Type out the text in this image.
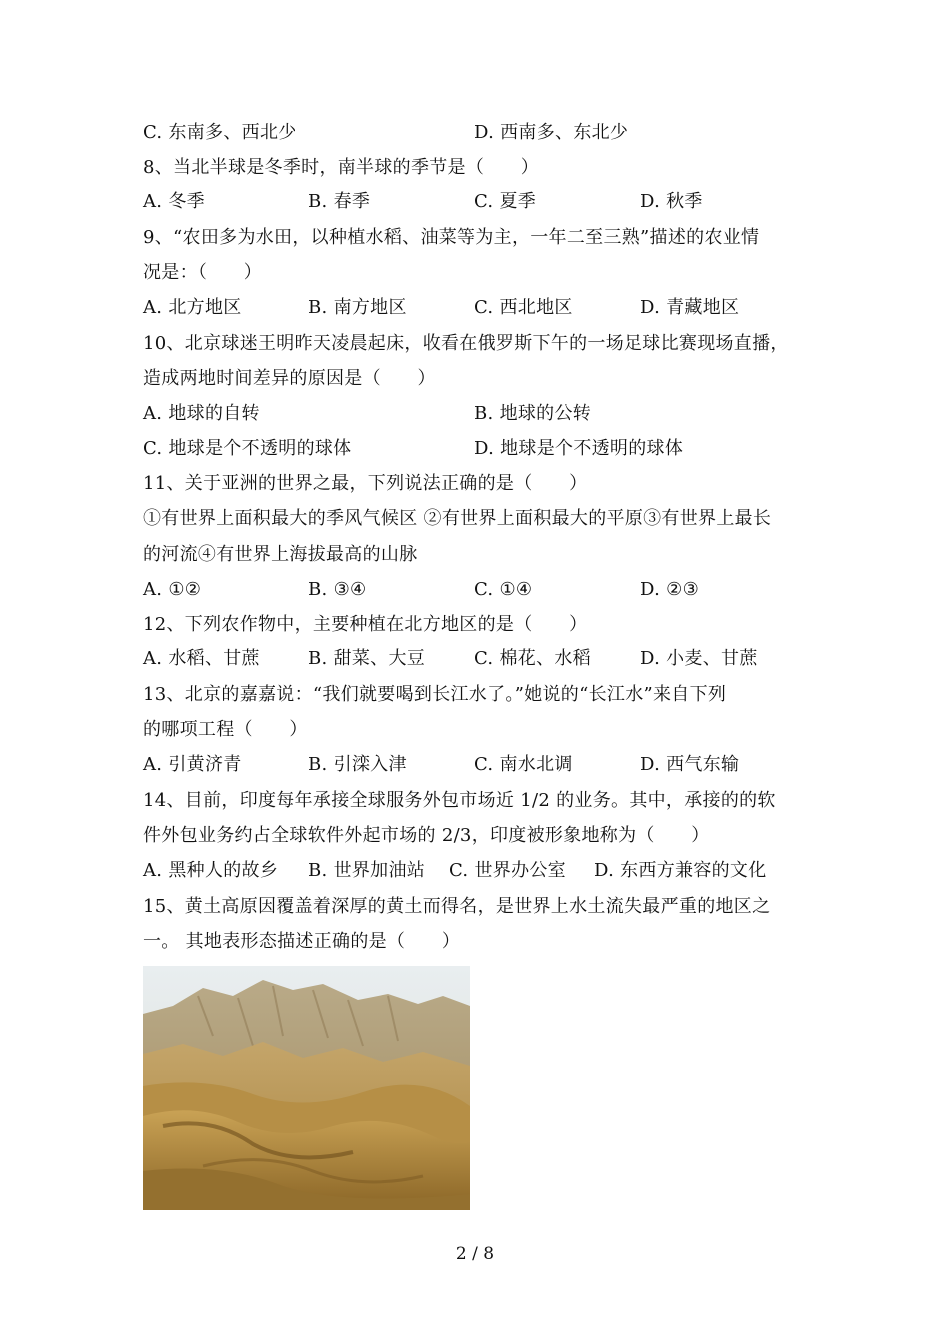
C. 东南多、西北少	D. 西南多、东北少
8、当北半球是冬季时，南半球的季节是（　　）
A. 冬季	B. 春季	C. 夏季	D. 秋季
9、“农田多为水田，以种植水稻、油菜等为主，一年二至三熟”描述的农业情
况是：（　　）
A. 北方地区	B. 南方地区	C. 西北地区	D. 青藏地区
10、北京球迷王明昨天凌晨起床，收看在俄罗斯下午的一场足球比赛现场直播，
造成两地时间差异的原因是（　　）
A. 地球的自转	B. 地球的公转
C. 地球是个不透明的球体	D. 地球是个不透明的球体
11、关于亚洲的世界之最，下列说法正确的是（　　）
①有世界上面积最大的季风气候区 ②有世界上面积最大的平原③有世界上最长
的河流④有世界上海拔最高的山脉
A. ①②	B. ③④	C. ①④	D. ②③
12、下列农作物中，主要种植在北方地区的是（　　）
A. 水稻、甘蔗	B. 甜菜、大豆	C. 棉花、水稻	D. 小麦、甘蔗
13、北京的嘉嘉说：“我们就要喝到长江水了。”她说的“长江水”来自下列
的哪项工程（　　）
A. 引黄济青	B. 引滦入津	C. 南水北调	D. 西气东输
14、目前，印度每年承接全球服务外包市场近 1/2 的业务。其中，承接的的软
件外包业务约占全球软件外起市场的 2/3，印度被形象地称为（　　）
A. 黑种人的故乡 B. 世界加油站 C. 世界办公室 D. 东西方兼容的文化
15、黄土高原因覆盖着深厚的黄土而得名，是世界上水土流失最严重的地区之
一。 其地表形态描述正确的是（　　）
2 / 8
